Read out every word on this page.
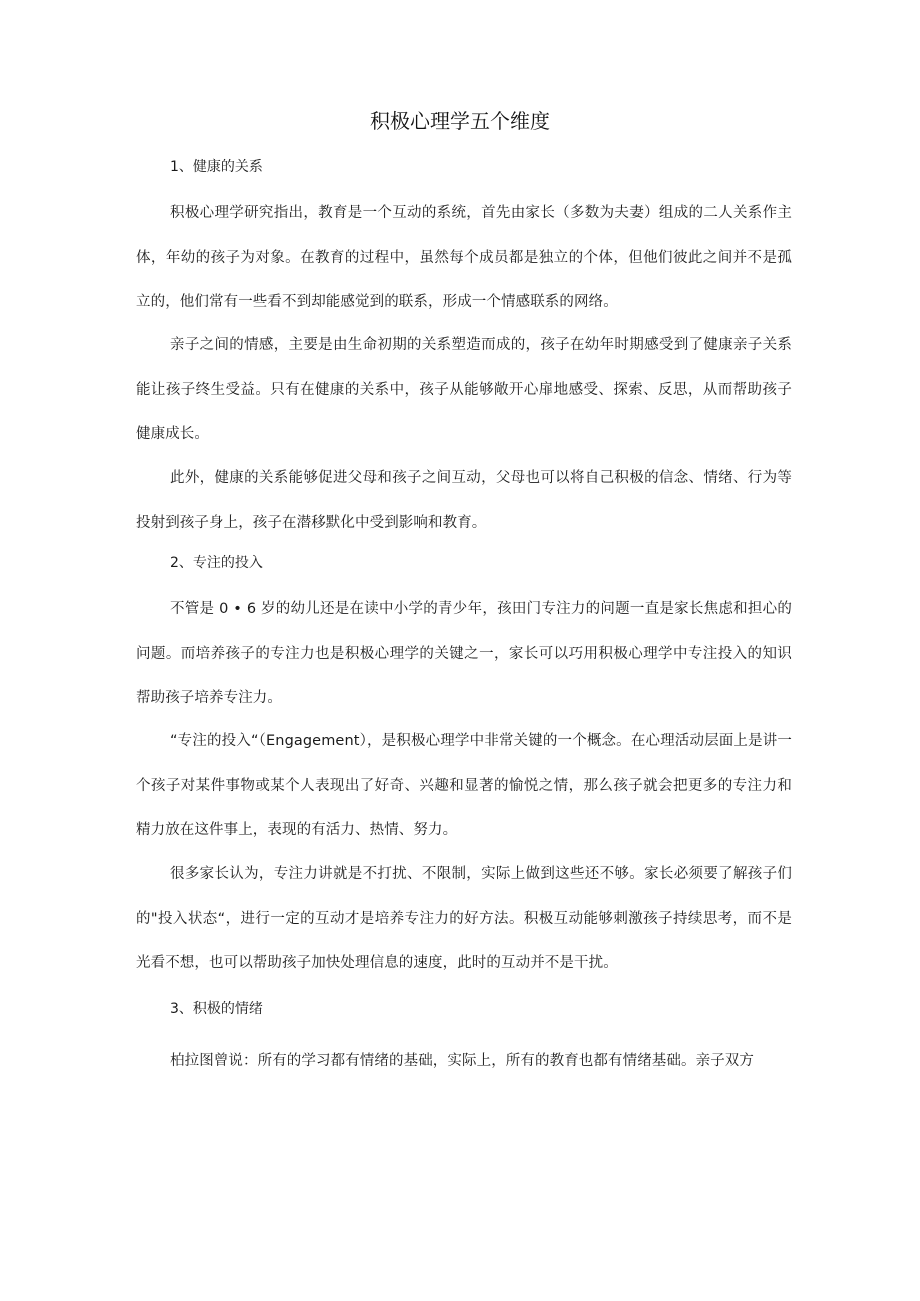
积极心理学五个维度
1、健康的关系

积极心理学研究指出，教育是一个互动的系统，首先由家长（多数为夫妻）组成的二人关系作主体，年幼的孩子为对象。在教育的过程中，虽然每个成员都是独立的个体，但他们彼此之间并不是孤立的，他们常有一些看不到却能感觉到的联系，形成一个情感联系的网络。

亲子之间的情感，主要是由生命初期的关系塑造而成的，孩子在幼年时期感受到了健康亲子关系能让孩子终生受益。只有在健康的关系中，孩子从能够敞开心扉地感受、探索、反思，从而帮助孩子健康成长。

此外，健康的关系能够促进父母和孩子之间互动，父母也可以将自己积极的信念、情绪、行为等投射到孩子身上，孩子在潜移默化中受到影响和教育。

2、专注的投入

不管是 0 • 6 岁的幼儿还是在读中小学的青少年，孩田门专注力的问题一直是家长焦虑和担心的问题。而培养孩子的专注力也是积极心理学的关键之一，家长可以巧用积极心理学中专注投入的知识帮助孩子培养专注力。

“专注的投入“（Engagement），是积极心理学中非常关键的一个概念。在心理活动层面上是讲一个孩子对某件事物或某个人表现出了好奇、兴趣和显著的愉悦之情，那么孩子就会把更多的专注力和精力放在这件事上，表现的有活力、热情、努力。

很多家长认为，专注力讲就是不打扰、不限制，实际上做到这些还不够。家长必须要了解孩子们的"投入状态“，进行一定的互动才是培养专注力的好方法。积极互动能够刺激孩子持续思考，而不是光看不想，也可以帮助孩子加快处理信息的速度，此时的互动并不是干扰。

3、积极的情绪

柏拉图曾说：所有的学习都有情绪的基础，实际上，所有的教育也都有情绪基础。亲子双方
